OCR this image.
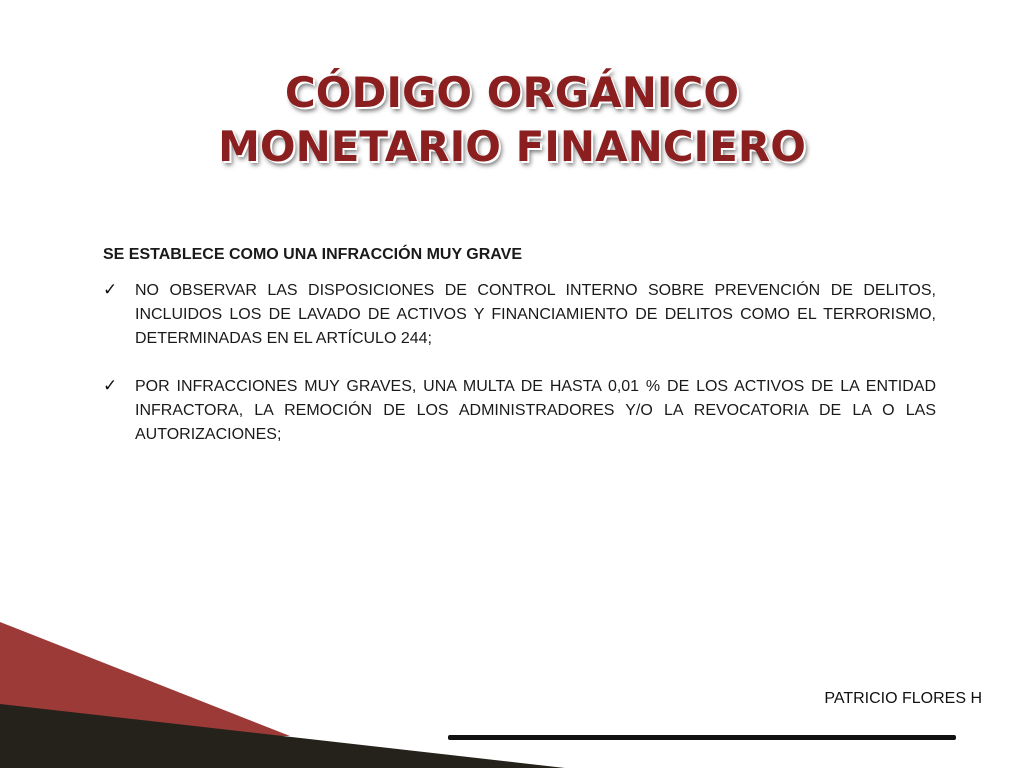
CÓDIGO ORGÁNICO
MONETARIO FINANCIERO
SE ESTABLECE COMO UNA INFRACCIÓN MUY GRAVE
✓ NO OBSERVAR LAS DISPOSICIONES DE CONTROL INTERNO SOBRE PREVENCIÓN DE DELITOS, INCLUIDOS LOS DE LAVADO DE ACTIVOS Y FINANCIAMIENTO DE DELITOS COMO EL TERRORISMO, DETERMINADAS EN EL ARTÍCULO 244;
✓ POR INFRACCIONES MUY GRAVES, UNA MULTA DE HASTA 0,01 % DE LOS ACTIVOS DE LA ENTIDAD INFRACTORA, LA REMOCIÓN DE LOS ADMINISTRADORES Y/O LA REVOCATORIA DE LA O LAS AUTORIZACIONES;
PATRICIO FLORES H
